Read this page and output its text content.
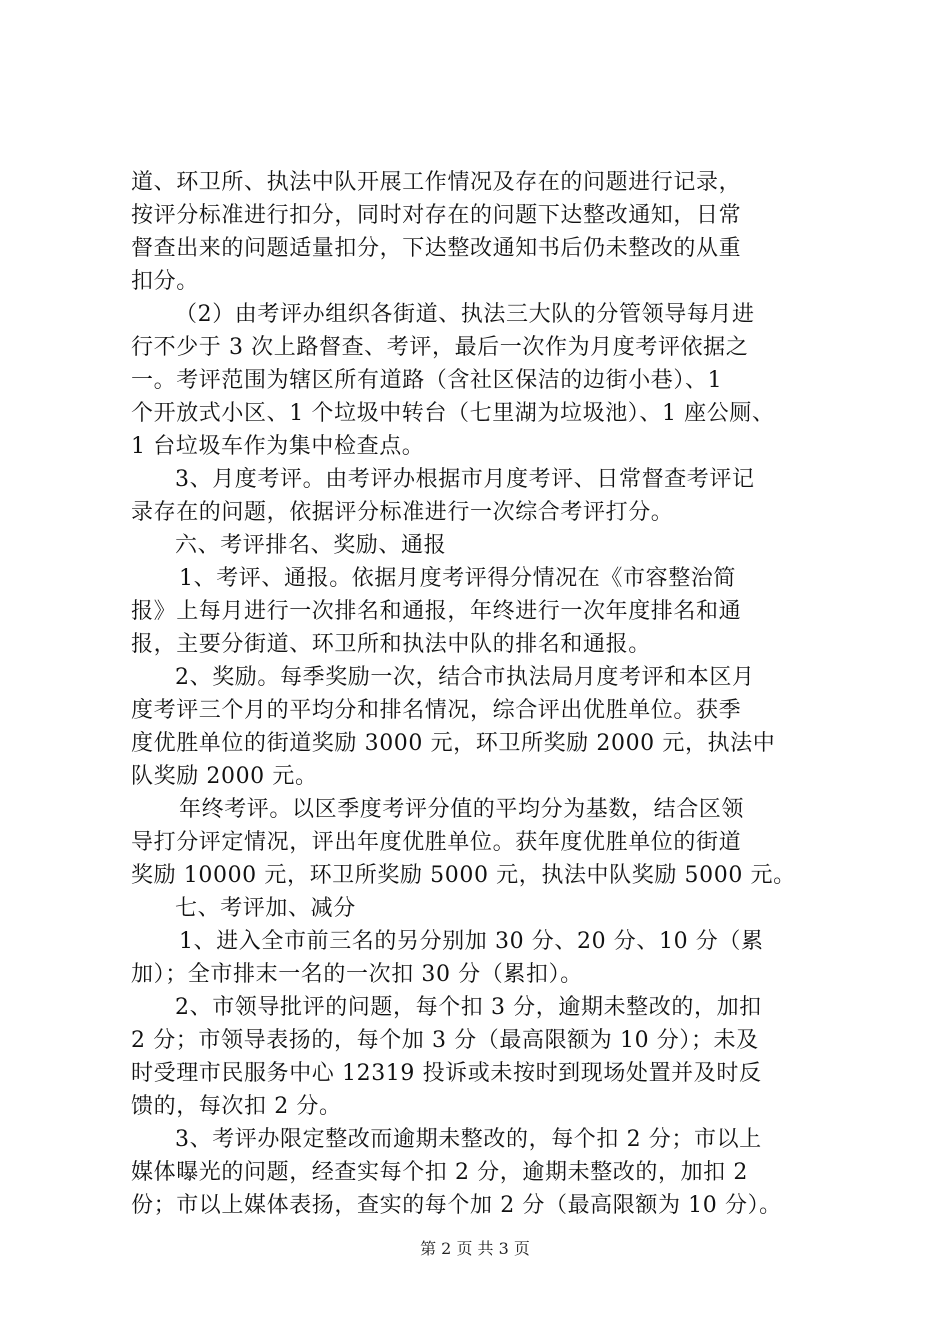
道、环卫所、执法中队开展工作情况及存在的问题进行记录，
按评分标准进行扣分，同时对存在的问题下达整改通知，日常
督查出来的问题适量扣分，下达整改通知书后仍未整改的从重
扣分。
（2）由考评办组织各街道、执法三大队的分管领导每月进
行不少于 3 次上路督查、考评，最后一次作为月度考评依据之
一。考评范围为辖区所有道路（含社区保洁的边街小巷）、1
个开放式小区、1 个垃圾中转台（七里湖为垃圾池）、1 座公厕、
1 台垃圾车作为集中检查点。
3、月度考评。由考评办根据市月度考评、日常督查考评记
录存在的问题，依据评分标准进行一次综合考评打分。
六、考评排名、奖励、通报
1、考评、通报。依据月度考评得分情况在《市容整治简
报》上每月进行一次排名和通报，年终进行一次年度排名和通
报，主要分街道、环卫所和执法中队的排名和通报。
2、奖励。每季奖励一次，结合市执法局月度考评和本区月
度考评三个月的平均分和排名情况，综合评出优胜单位。获季
度优胜单位的街道奖励 3000 元，环卫所奖励 2000 元，执法中
队奖励 2000 元。
年终考评。以区季度考评分值的平均分为基数，结合区领
导打分评定情况，评出年度优胜单位。获年度优胜单位的街道
奖励 10000 元，环卫所奖励 5000 元，执法中队奖励 5000 元。
七、考评加、减分
1、进入全市前三名的另分别加 30 分、20 分、10 分（累
加）；全市排末一名的一次扣 30 分（累扣）。
2、市领导批评的问题，每个扣 3 分，逾期未整改的，加扣
2 分；市领导表扬的，每个加 3 分（最高限额为 10 分）；未及
时受理市民服务中心 12319 投诉或未按时到现场处置并及时反
馈的，每次扣 2 分。
3、考评办限定整改而逾期未整改的，每个扣 2 分；市以上
媒体曝光的问题，经查实每个扣 2 分，逾期未整改的，加扣 2
份；市以上媒体表扬，查实的每个加 2 分（最高限额为 10 分）。
第 2 页 共 3 页
